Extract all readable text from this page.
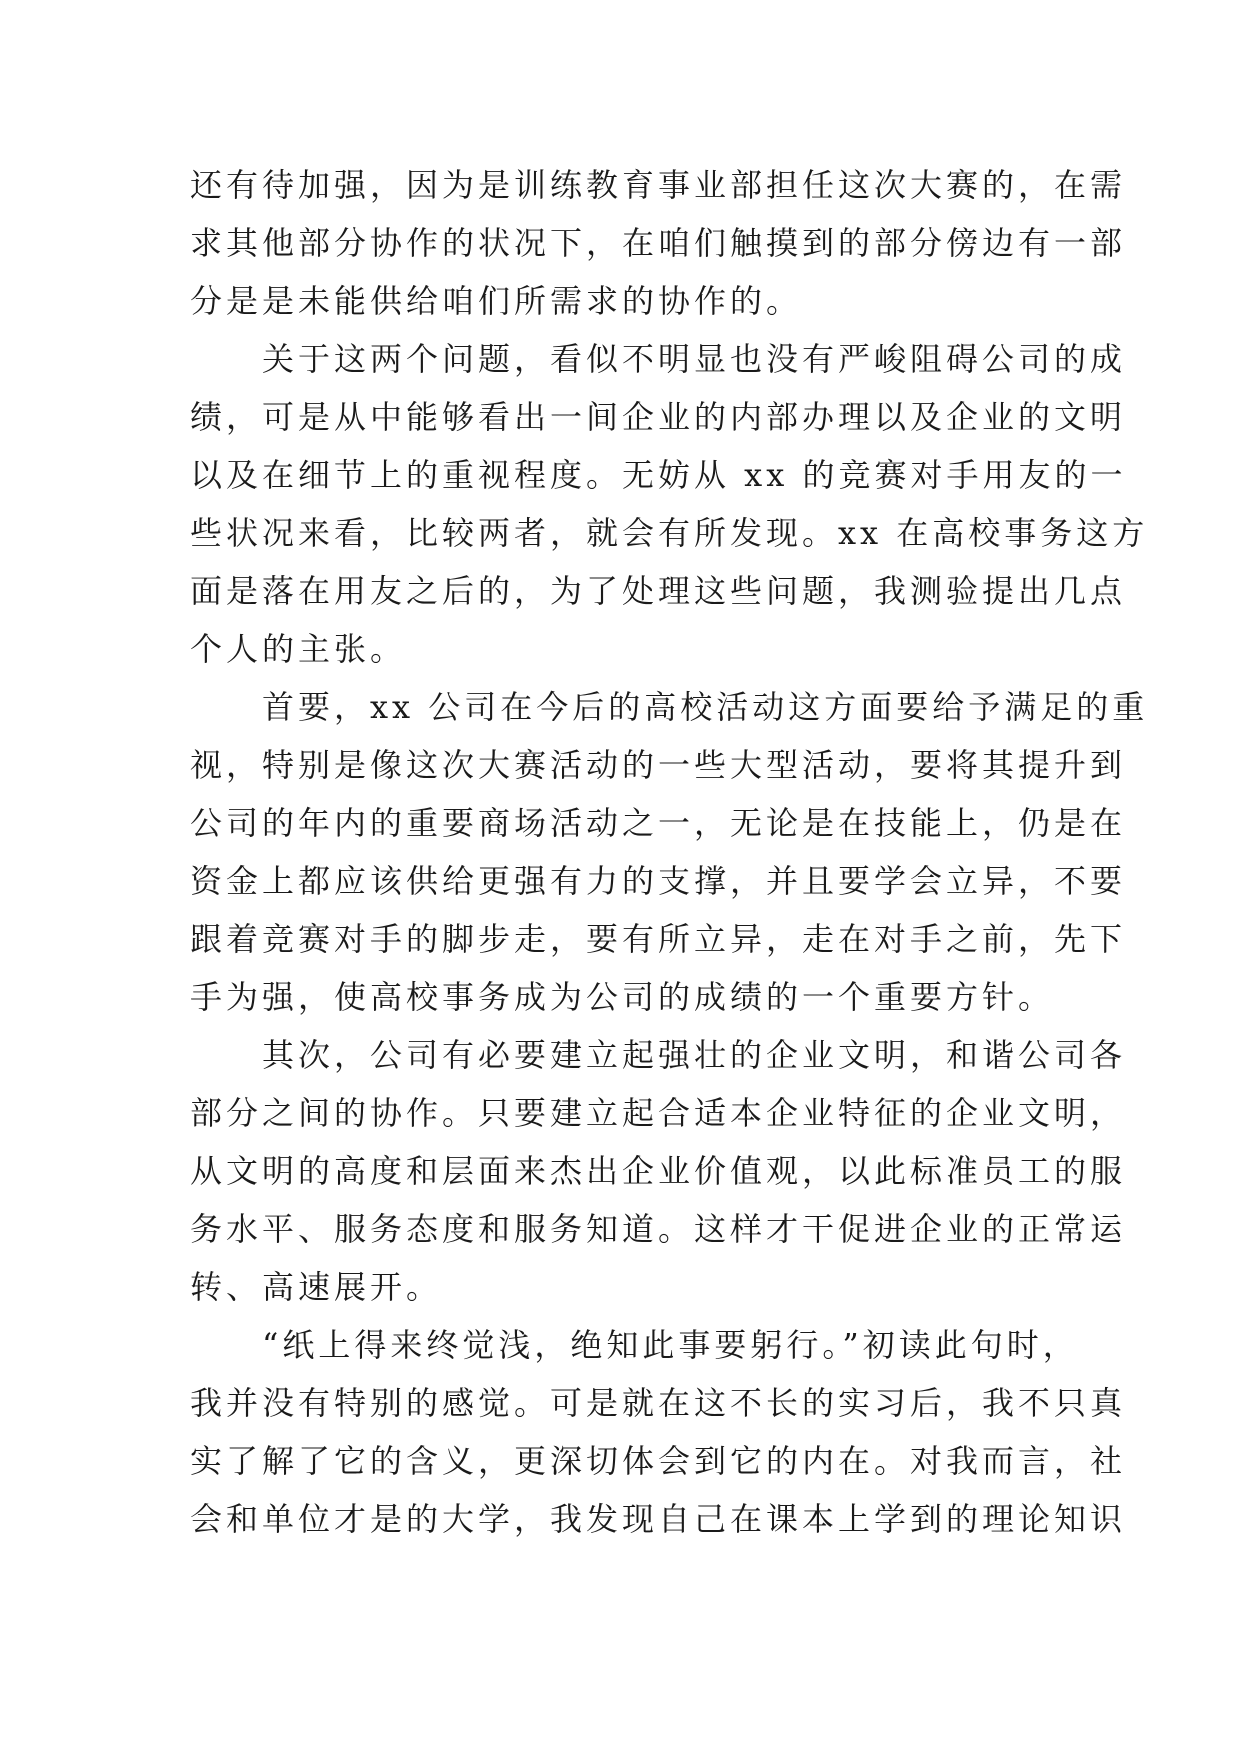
还有待加强，因为是训练教育事业部担任这次大赛的，在需
求其他部分协作的状况下，在咱们触摸到的部分傍边有一部
分是是未能供给咱们所需求的协作的。
　　关于这两个问题，看似不明显也没有严峻阻碍公司的成
绩，可是从中能够看出一间企业的内部办理以及企业的文明
以及在细节上的重视程度。无妨从 xx 的竞赛对手用友的一
些状况来看，比较两者，就会有所发现。xx 在高校事务这方
面是落在用友之后的，为了处理这些问题，我测验提出几点
个人的主张。
　　首要，xx 公司在今后的高校活动这方面要给予满足的重
视，特别是像这次大赛活动的一些大型活动，要将其提升到
公司的年内的重要商场活动之一，无论是在技能上，仍是在
资金上都应该供给更强有力的支撑，并且要学会立异，不要
跟着竞赛对手的脚步走，要有所立异，走在对手之前，先下
手为强，使高校事务成为公司的成绩的一个重要方针。
　　其次，公司有必要建立起强壮的企业文明，和谐公司各
部分之间的协作。只要建立起合适本企业特征的企业文明，
从文明的高度和层面来杰出企业价值观，以此标准员工的服
务水平、服务态度和服务知道。这样才干促进企业的正常运
转、高速展开。
　　“纸上得来终觉浅，绝知此事要躬行。”初读此句时，
我并没有特别的感觉。可是就在这不长的实习后，我不只真
实了解了它的含义，更深切体会到它的内在。对我而言，社
会和单位才是的大学，我发现自己在课本上学到的理论知识
